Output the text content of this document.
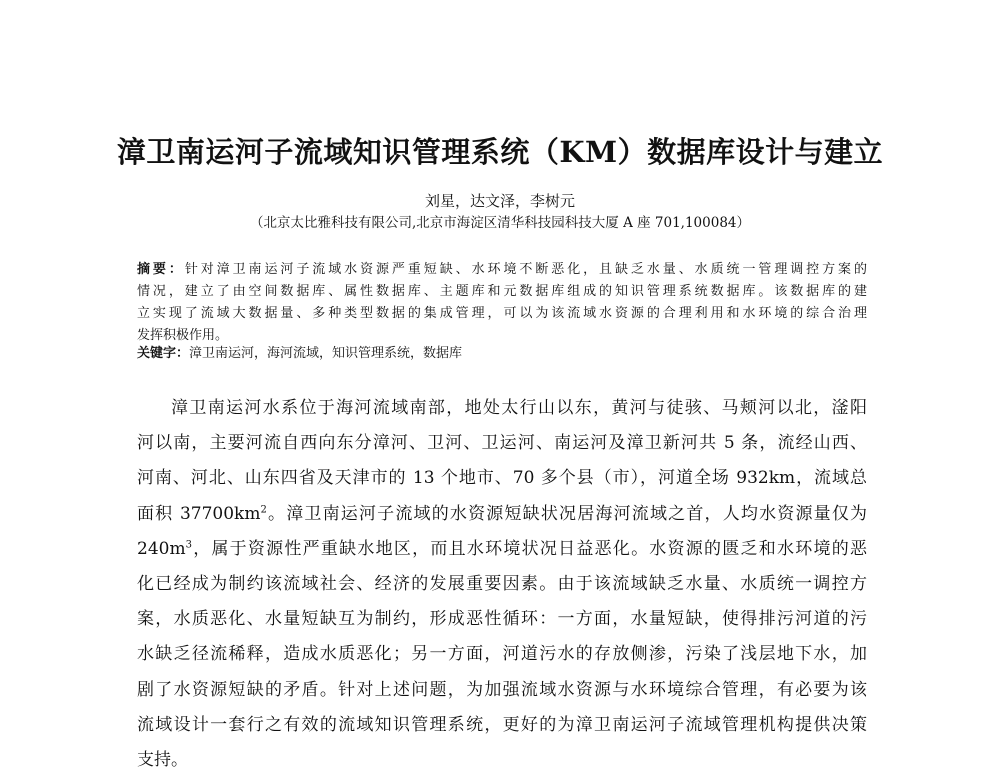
漳卫南运河子流域知识管理系统（KM）数据库设计与建立
刘星，达文泽，李树元
（北京太比雅科技有限公司,北京市海淀区清华科技园科技大厦 A 座 701,100084）
摘要：针对漳卫南运河子流域水资源严重短缺、水环境不断恶化，且缺乏水量、水质统一管理调控方案的
情况，建立了由空间数据库、属性数据库、主题库和元数据库组成的知识管理系统数据库。该数据库的建
立实现了流域大数据量、多种类型数据的集成管理，可以为该流域水资源的合理利用和水环境的综合治理
发挥积极作用。
关键字：漳卫南运河，海河流域，知识管理系统，数据库
漳卫南运河水系位于海河流域南部，地处太行山以东，黄河与徒骇、马颊河以北，滏阳
河以南，主要河流自西向东分漳河、卫河、卫运河、南运河及漳卫新河共 5 条，流经山西、
河南、河北、山东四省及天津市的 13 个地市、70 多个县（市），河道全场 932km，流域总
面积 $37700km^2$。漳卫南运河子流域的水资源短缺状况居海河流域之首，人均水资源量仅为
$240m^3$，属于资源性严重缺水地区，而且水环境状况日益恶化。水资源的匮乏和水环境的恶
化已经成为制约该流域社会、经济的发展重要因素。由于该流域缺乏水量、水质统一调控方
案，水质恶化、水量短缺互为制约，形成恶性循环：一方面，水量短缺，使得排污河道的污
水缺乏径流稀释，造成水质恶化；另一方面，河道污水的存放侧渗，污染了浅层地下水，加
剧了水资源短缺的矛盾。针对上述问题，为加强流域水资源与水环境综合管理，有必要为该
流域设计一套行之有效的流域知识管理系统，更好的为漳卫南运河子流域管理机构提供决策
支持。
